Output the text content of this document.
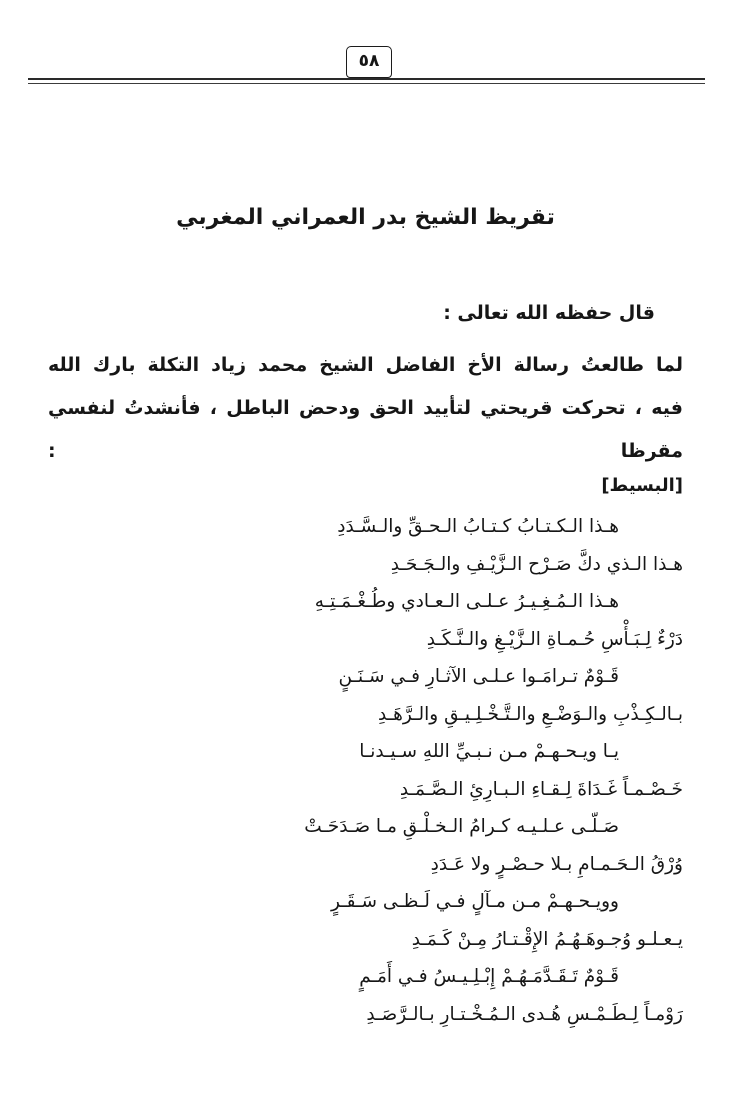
٥٨
تقريظ الشيخ بدر العمراني المغربي
قال حفظه الله تعالى :
لما طالعتُ رسالة الأخ الفاضل الشيخ محمد زياد التكلة بارك الله
فيه ، تحركت قريحتي لتأييد الحق ودحض الباطل ، فأنشدتُ لنفسي مقرظا :
[البسيط]
هـذا الـكـتـابُ كـتـابُ الـحـقِّ والـسَّـدَدِ
هـذا الـذي دكَّ صَـرْح الـزَّيْـفِ والـجَـحَـدِ
هـذا الـمُـغِـيـرُ عـلـى الـعـادي وطُـغْـمَـتِـهِ
دَرْءٌ لِـبَـأْسِ حُـمـاةِ الـزَّيْـغِ والـنَّـكَـدِ
قَـوْمٌ تـرامَـوا عـلـى الآثـارِ فـي سَـنَـنٍ
بـالـكِـذْبِ والـوَضْـعِ والـتَّـخْـلِـيـقِ والـرَّهَـدِ
يـا ويـحـهـمْ مـن نـبـيِّ اللهِ سـيـدنـا
خَـصْـمـاً غَـدَاةَ لِـقـاءِ الـبـارِئِ الـصَّـمَـدِ
صَـلّـى عـلـيـه كـرامُ الـخـلْـقِ مـا صَـدَحَـتْ
وُرْقُ الـحَـمـامِ بـلا حـصْـرٍ ولا عَـدَدِ
وويـحـهـمْ مـن مـآلٍ فـي لَـظـى سَـقَـرٍ
يـعـلـو وُجـوهَـهُـمُ الإِقْـتـارُ مِـنْ كَـمَـدِ
قَـوْمٌ تَـقَـدَّمَـهُـمْ إِبْـلِـيـسُ فـي أَمَـمٍ
رَوْمـاً لِـطَـمْـسِ هُـدى الـمُـخْـتـارِ بـالـرَّصَـدِ
